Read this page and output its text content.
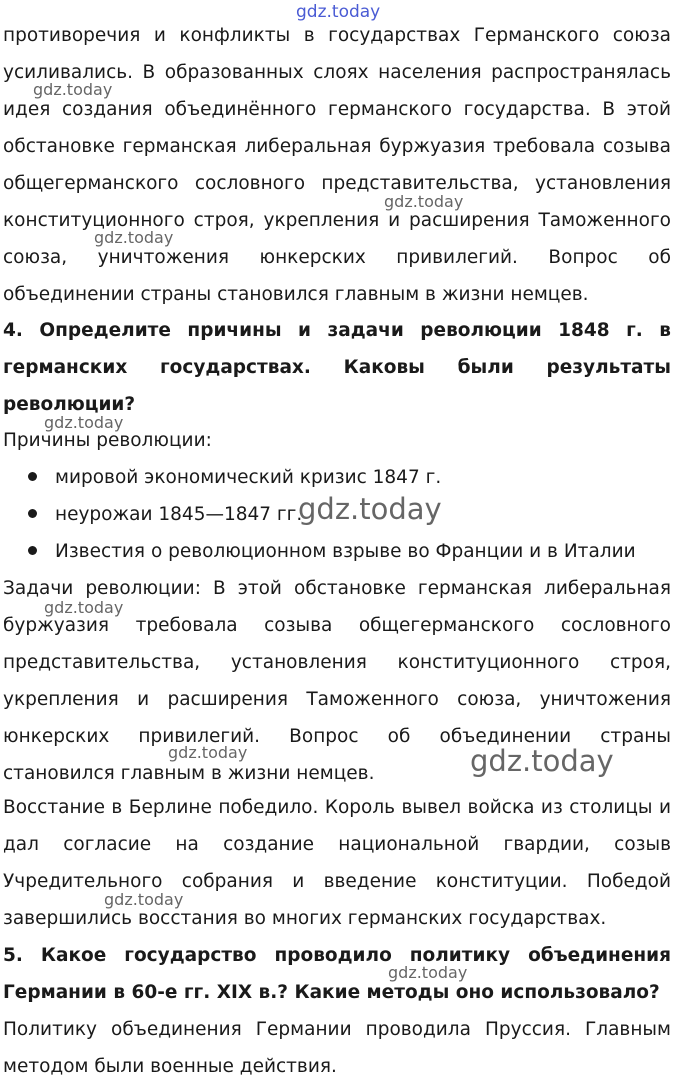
противоречия и конфликты в государствах Германского союза усиливались. В образованных слоях населения распространялась идея создания объединённого германского государства. В этой обстановке германская либеральная буржуазия требовала созыва общегерманского сословного представительства, установления конституционного строя, укрепления и расширения Таможенного союза, уничтожения юнкерских привилегий. Вопрос об объединении страны становился главным в жизни немцев.

4. Определите причины и задачи революции 1848 г. в германских государствах. Каковы были результаты революции?

Причины революции:

мировой экономический кризис 1847 г.
неурожаи 1845—1847 гг.
Известия о революционном взрыве во Франции и в Италии

Задачи революции: В этой обстановке германская либеральная буржуазия требовала созыва общегерманского сословного представительства, установления конституционного строя, укрепления и расширения Таможенного союза, уничтожения юнкерских привилегий. Вопрос об объединении страны становился главным в жизни немцев.

Восстание в Берлине победило. Король вывел войска из столицы и дал согласие на создание национальной гвардии, созыв Учредительного собрания и введение конституции. Победой завершились восстания во многих германских государствах.

5. Какое государство проводило политику объединения Германии в 60-е гг. XIX в.? Какие методы оно использовало?

Политику объединения Германии проводила Пруссия. Главным методом были военные действия.

gdz.today
gdz.today
gdz.today
gdz.today
gdz.today
gdz.today
gdz.today
gdz.today	gdz.today
gdz.today
gdz.today
